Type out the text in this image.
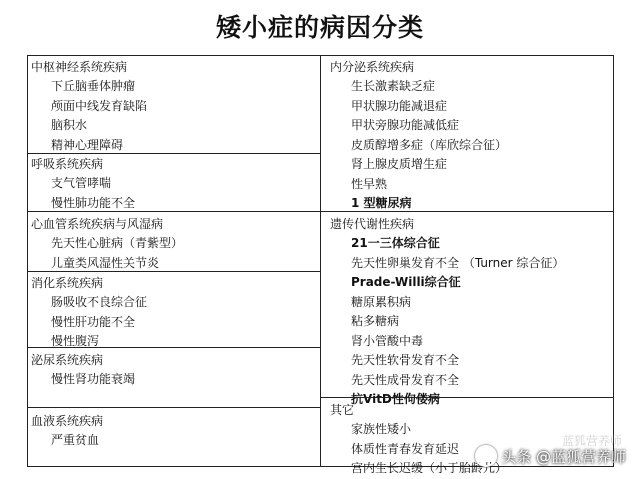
矮小症的病因分类
中枢神经系统疾病
下丘脑垂体肿瘤
颅面中线发育缺陷
脑积水
精神心理障碍
呼吸系统疾病
支气管哮喘
慢性肺功能不全
心血管系统疾病与风湿病
先天性心脏病（青紫型）
儿童类风湿性关节炎
消化系统疾病
肠吸收不良综合征
慢性肝功能不全
慢性腹泻
泌尿系统疾病
慢性肾功能衰竭
血液系统疾病
严重贫血
内分泌系统疾病
生长激素缺乏症
甲状腺功能减退症
甲状旁腺功能减低症
皮质醇增多症（库欣综合征）
肾上腺皮质增生症
性早熟
1 型糖尿病
遗传代谢性疾病
21一三体综合征
先天性卵巢发育不全 （Turner 综合征）
Prade-Willi综合征
糖原累积病
粘多糖病
肾小管酸中毒
先天性软骨发育不全
先天性成骨发育不全
抗VitD性佝偻病
其它
家族性矮小
体质性青春发育延迟
宫内生长迟缓（小于胎龄儿）
蓝狐营养师
头条 @蓝狐营养师
